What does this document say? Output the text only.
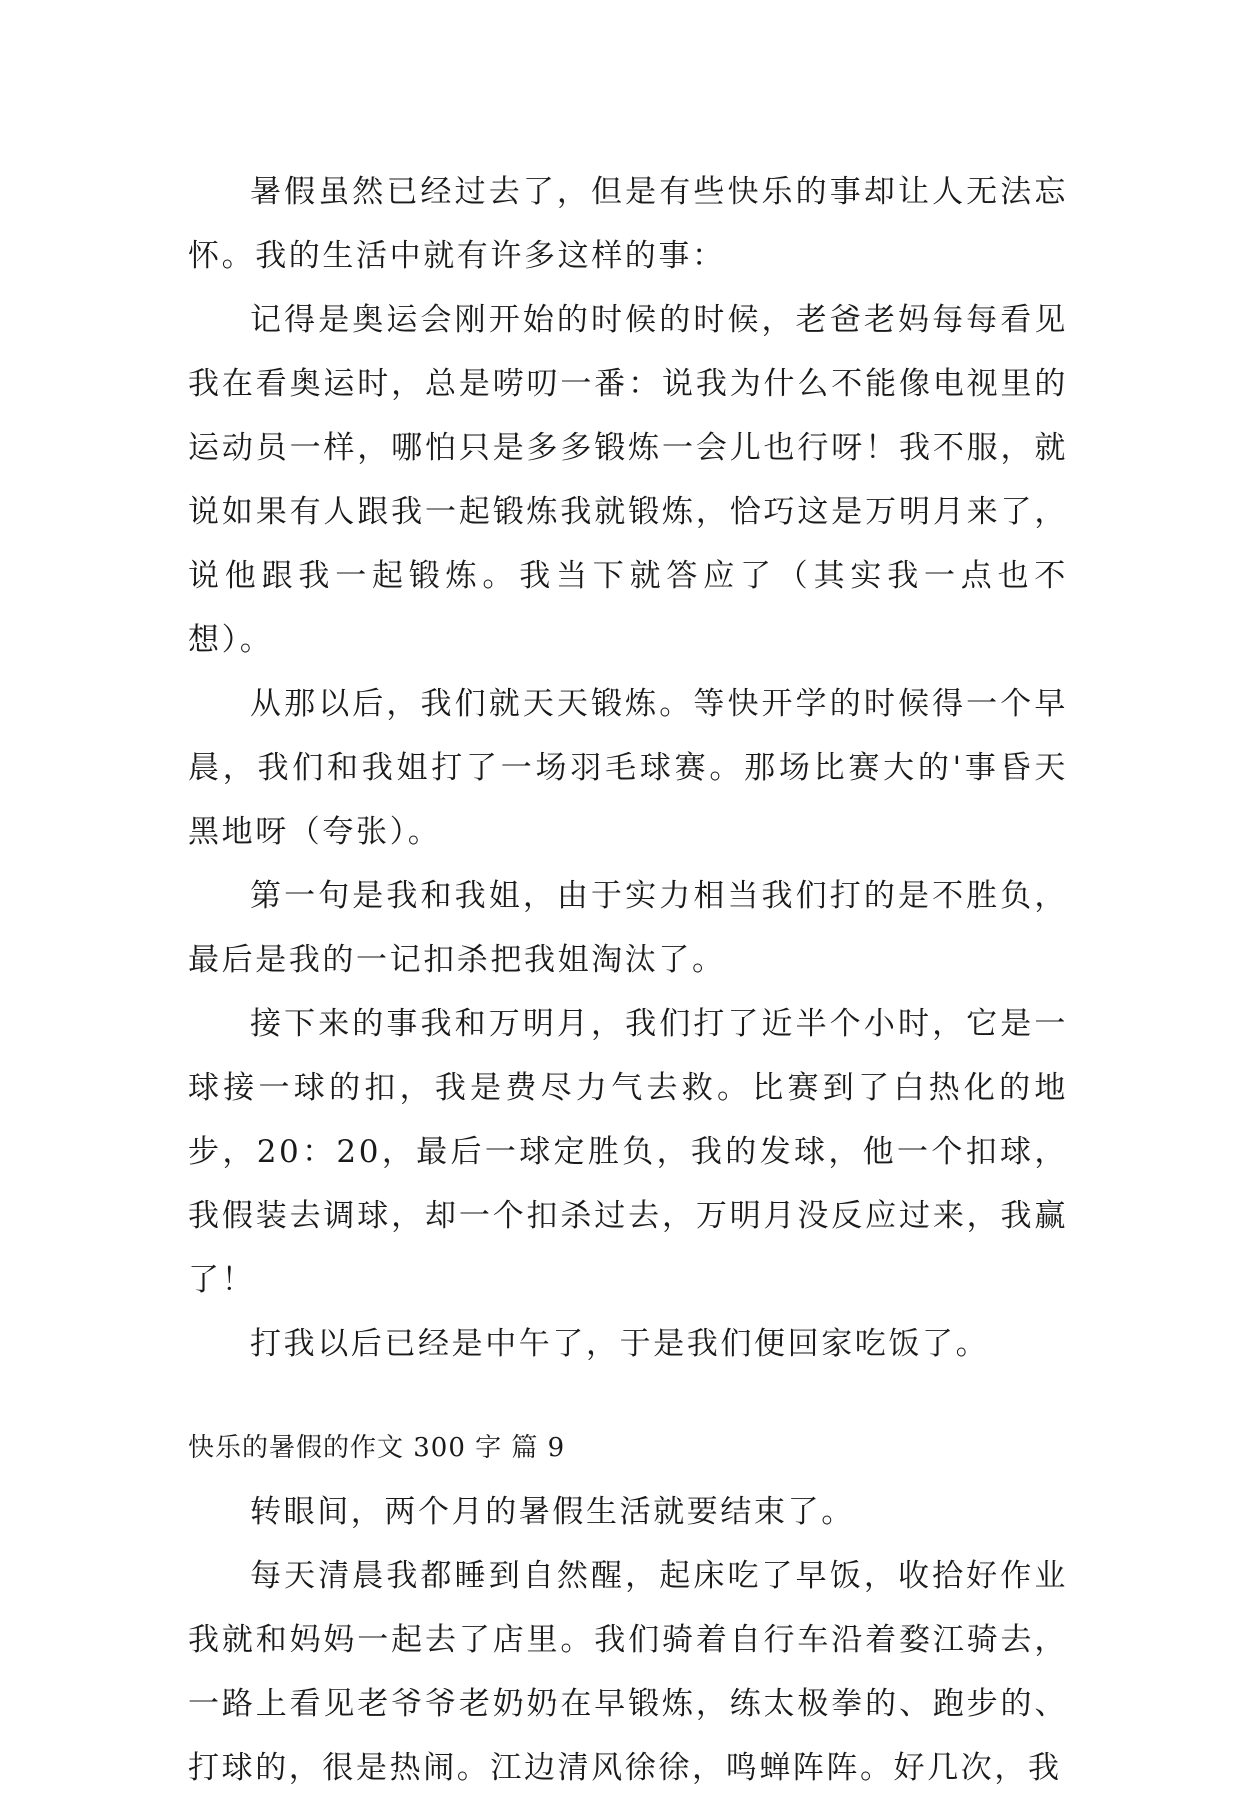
暑假虽然已经过去了，但是有些快乐的事却让人无法忘怀。我的生活中就有许多这样的事：

记得是奥运会刚开始的时候的时候，老爸老妈每每看见我在看奥运时，总是唠叨一番：说我为什么不能像电视里的运动员一样，哪怕只是多多锻炼一会儿也行呀！我不服，就说如果有人跟我一起锻炼我就锻炼，恰巧这是万明月来了，说他跟我一起锻炼。我当下就答应了（其实我一点也不想）。

从那以后，我们就天天锻炼。等快开学的时候得一个早晨，我们和我姐打了一场羽毛球赛。那场比赛大的'事昏天黑地呀（夸张）。

第一句是我和我姐，由于实力相当我们打的是不胜负，最后是我的一记扣杀把我姐淘汰了。

接下来的事我和万明月，我们打了近半个小时，它是一球接一球的扣，我是费尽力气去救。比赛到了白热化的地步，20：20，最后一球定胜负，我的发球，他一个扣球，我假装去调球，却一个扣杀过去，万明月没反应过来，我赢了！

打我以后已经是中午了，于是我们便回家吃饭了。

快乐的暑假的作文 300 字 篇 9

转眼间，两个月的暑假生活就要结束了。

每天清晨我都睡到自然醒，起床吃了早饭，收拾好作业我就和妈妈一起去了店里。我们骑着自行车沿着婺江骑去，一路上看见老爷爷老奶奶在早锻炼，练太极拳的、跑步的、打球的，很是热闹。江边清风徐徐，鸣蝉阵阵。好几次，我
